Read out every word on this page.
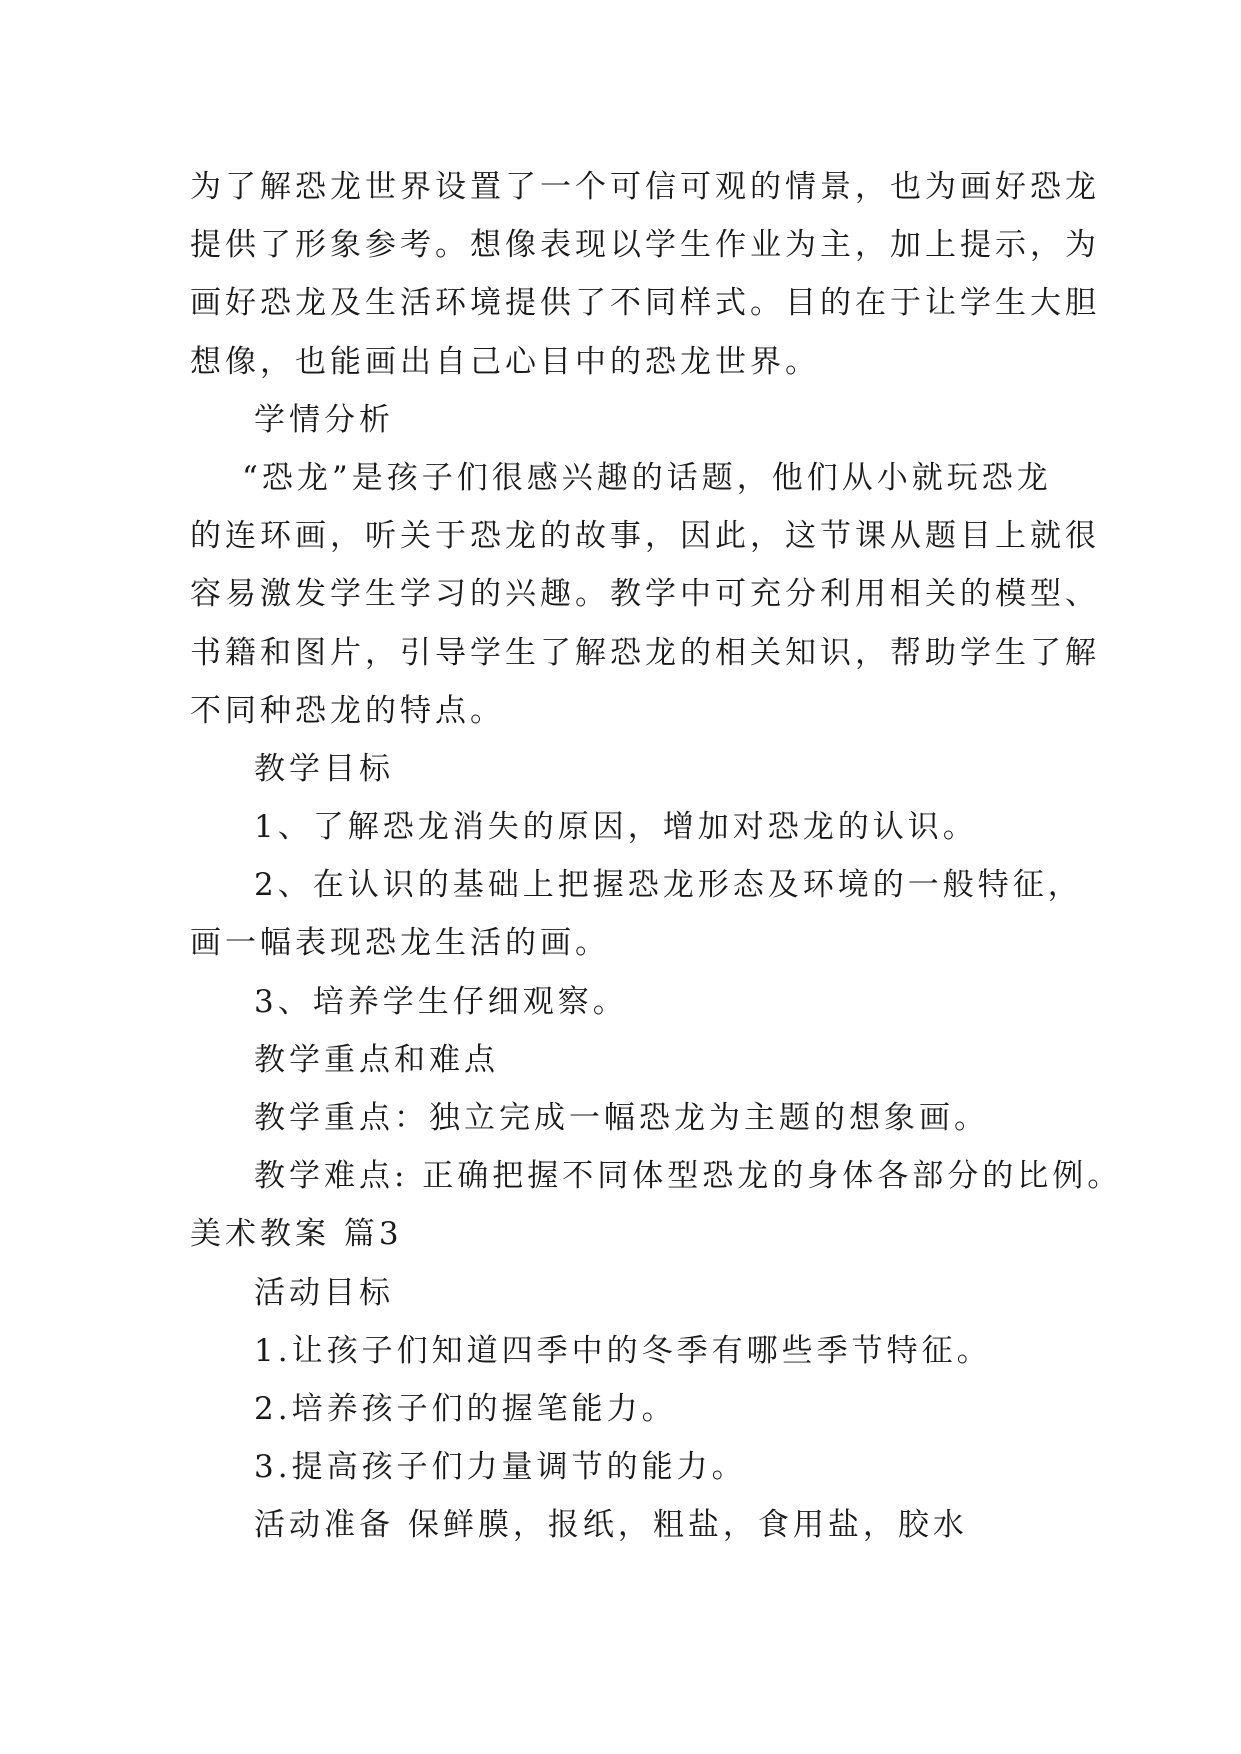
为了解恐龙世界设置了一个可信可观的情景，也为画好恐龙
提供了形象参考。想像表现以学生作业为主，加上提示，为
画好恐龙及生活环境提供了不同样式。目的在于让学生大胆
想像，也能画出自己心目中的恐龙世界。
学情分析
“恐龙”是孩子们很感兴趣的话题，他们从小就玩恐龙
的连环画，听关于恐龙的故事，因此，这节课从题目上就很
容易激发学生学习的兴趣。教学中可充分利用相关的模型、
书籍和图片，引导学生了解恐龙的相关知识，帮助学生了解
不同种恐龙的特点。
教学目标
1、了解恐龙消失的原因，增加对恐龙的认识。
2、在认识的基础上把握恐龙形态及环境的一般特征，
画一幅表现恐龙生活的画。
3、培养学生仔细观察。
教学重点和难点
教学重点：独立完成一幅恐龙为主题的想象画。
教学难点: 正确把握不同体型恐龙的身体各部分的比例。
美术教案 篇3
活动目标
1.让孩子们知道四季中的冬季有哪些季节特征。
2.培养孩子们的握笔能力。
3.提高孩子们力量调节的能力。
活动准备 保鲜膜，报纸，粗盐，食用盐，胶水
